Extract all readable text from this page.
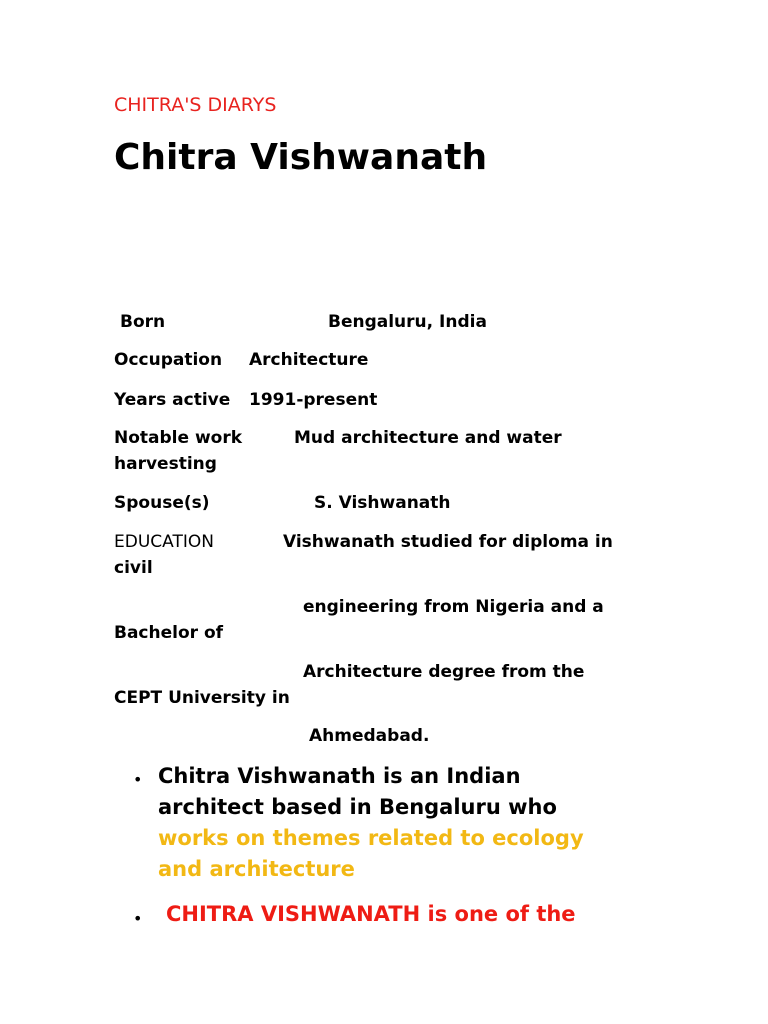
CHITRA'S DIARYS
Chitra Vishwanath
Born	Bengaluru, India
Occupation Architecture
Years active 1991-present
Notable work	Mud architecture and water
harvesting
Spouse(s)	S. Vishwanath
EDUCATION	Vishwanath studied for diploma in
civil
engineering from Nigeria and a
Bachelor of
Architecture degree from the
CEPT University in
Ahmedabad.
• Chitra Vishwanath is an Indian
architect based in Bengaluru who
works on themes related to ecology
and architecture
• CHITRA VISHWANATH is one of the
